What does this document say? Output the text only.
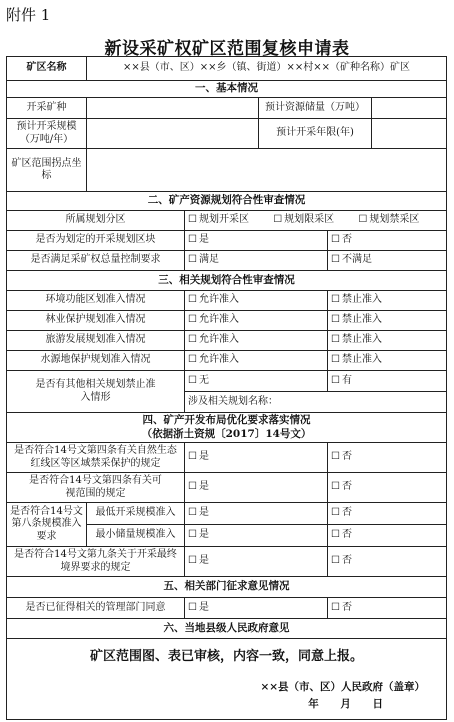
附件 1
新设采矿权矿区范围复核申请表
矿区名称	××县（市、区）××乡（镇、街道）××村××（矿种名称）矿区				
一、基本情况					
开采矿种			预计资源储量（万吨）		
预计开采规模（万吨/年）			预计开采年限(年)		
矿区范围拐点坐标					
二、矿产资源规划符合性审查情况					
所属规划分区		☐ 规划开采区 ☐ 规划限采区 ☐ 规划禁采区
是否为划定的开采规划区块		☐ 是		☐ 否
是否满足采矿权总量控制要求		☐ 满足		☐ 不满足
三、相关规划符合性审查情况					
环境功能区划准入情况		☐ 允许准入		☐ 禁止准入
林业保护规划准入情况		☐ 允许准入		☐ 禁止准入
旅游发展规划准入情况		☐ 允许准入		☐ 禁止准入
水源地保护规划准入情况		☐ 允许准入		☐ 禁止准入
是否有其他相关规划禁止准入情形		☐ 无		☐ 有
		涉及相关规划名称：			

四、矿产开发布局优化要求落实情况
（依据浙土资规〔2017〕14号文）					

是否符合14号文第四条有关自然生态红线区等区域禁采保护的规定		☐ 是		☐ 否
是否符合14号文第四条有关可视范围的规定		☐ 是		☐ 否
是否符合14号文第八条规模准入要求	最低开采规模准入	☐ 是		☐ 否
	最小储量规模准入	☐ 是		☐ 否
是否符合14号文第九条关于开采最终境界要求的规定		☐ 是		☐ 否
五、相关部门征求意见情况					
是否已征得相关的管理部门同意		☐ 是		☐ 否
六、当地县级人民政府意见					

矿区范围图、表已审核，内容一致，同意上报。
××县（市、区）人民政府（盖章）
年 月 日					
